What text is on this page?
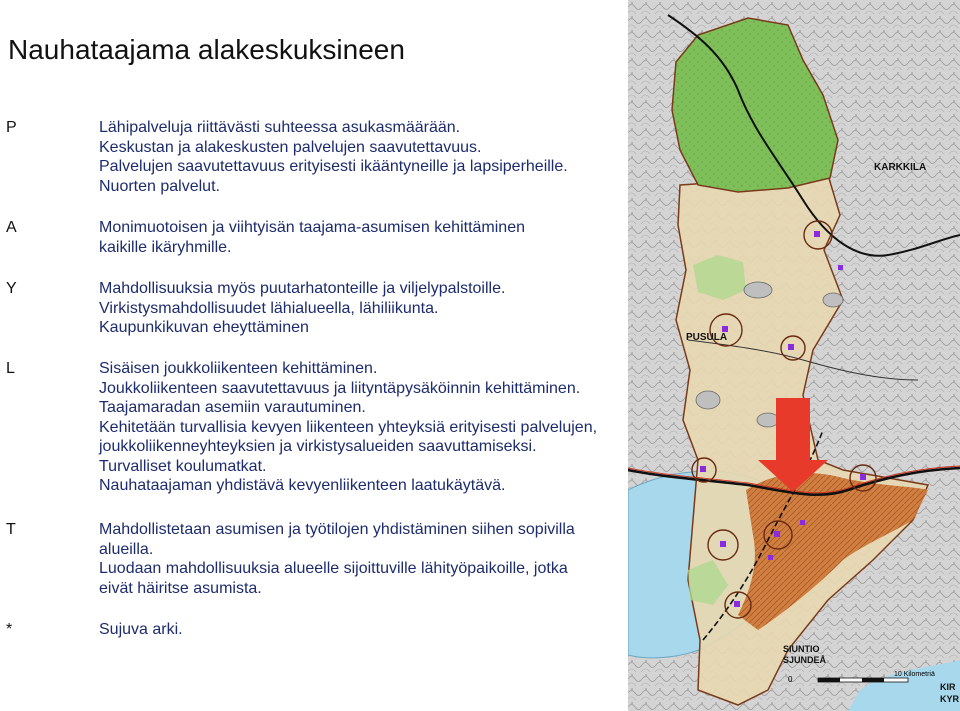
Nauhataajama alakeskuksineen
P	Lähipalveluja riittävästi suhteessa asukasmäärään.
Keskustan ja alakeskusten palvelujen saavutettavuus.
Palvelujen saavutettavuus erityisesti ikääntyneille ja lapsiperheille.
Nuorten palvelut.
A	Monimuotoisen ja viihtyisän taajama-asumisen kehittäminen
kaikille ikäryhmille.
Y	Mahdollisuuksia myös puutarhatonteille ja viljelypalstoille.
Virkistysmahdollisuudet lähialueella, lähiliikunta.
Kaupunkikuvan eheyttäminen
L	Sisäisen joukkoliikenteen kehittäminen.
Joukkoliikenteen saavutettavuus ja liityntäpysäköinnin kehittäminen.
Taajamaradan asemiin varautuminen.
Kehitetään turvallisia kevyen liikenteen yhteyksiä erityisesti palvelujen,
joukkoliikenneyhteyksien ja virkistysalueiden saavuttamiseksi.
Turvalliset koulumatkat.
Nauhataajaman yhdistävä kevyenliikenteen laatukäytävä.
T	Mahdollistetaan asumisen ja työtilojen yhdistäminen siihen sopivilla
alueilla.
Luodaan mahdollisuuksia alueelle sijoittuville lähityöpaikoille, jotka
eivät häiritse asumista.
*	Sujuva arki.
KARKKILA
PUSULA
SIUNTIO
SJUNDEÅ
KIR
KYR
0
10 Kilometriä
